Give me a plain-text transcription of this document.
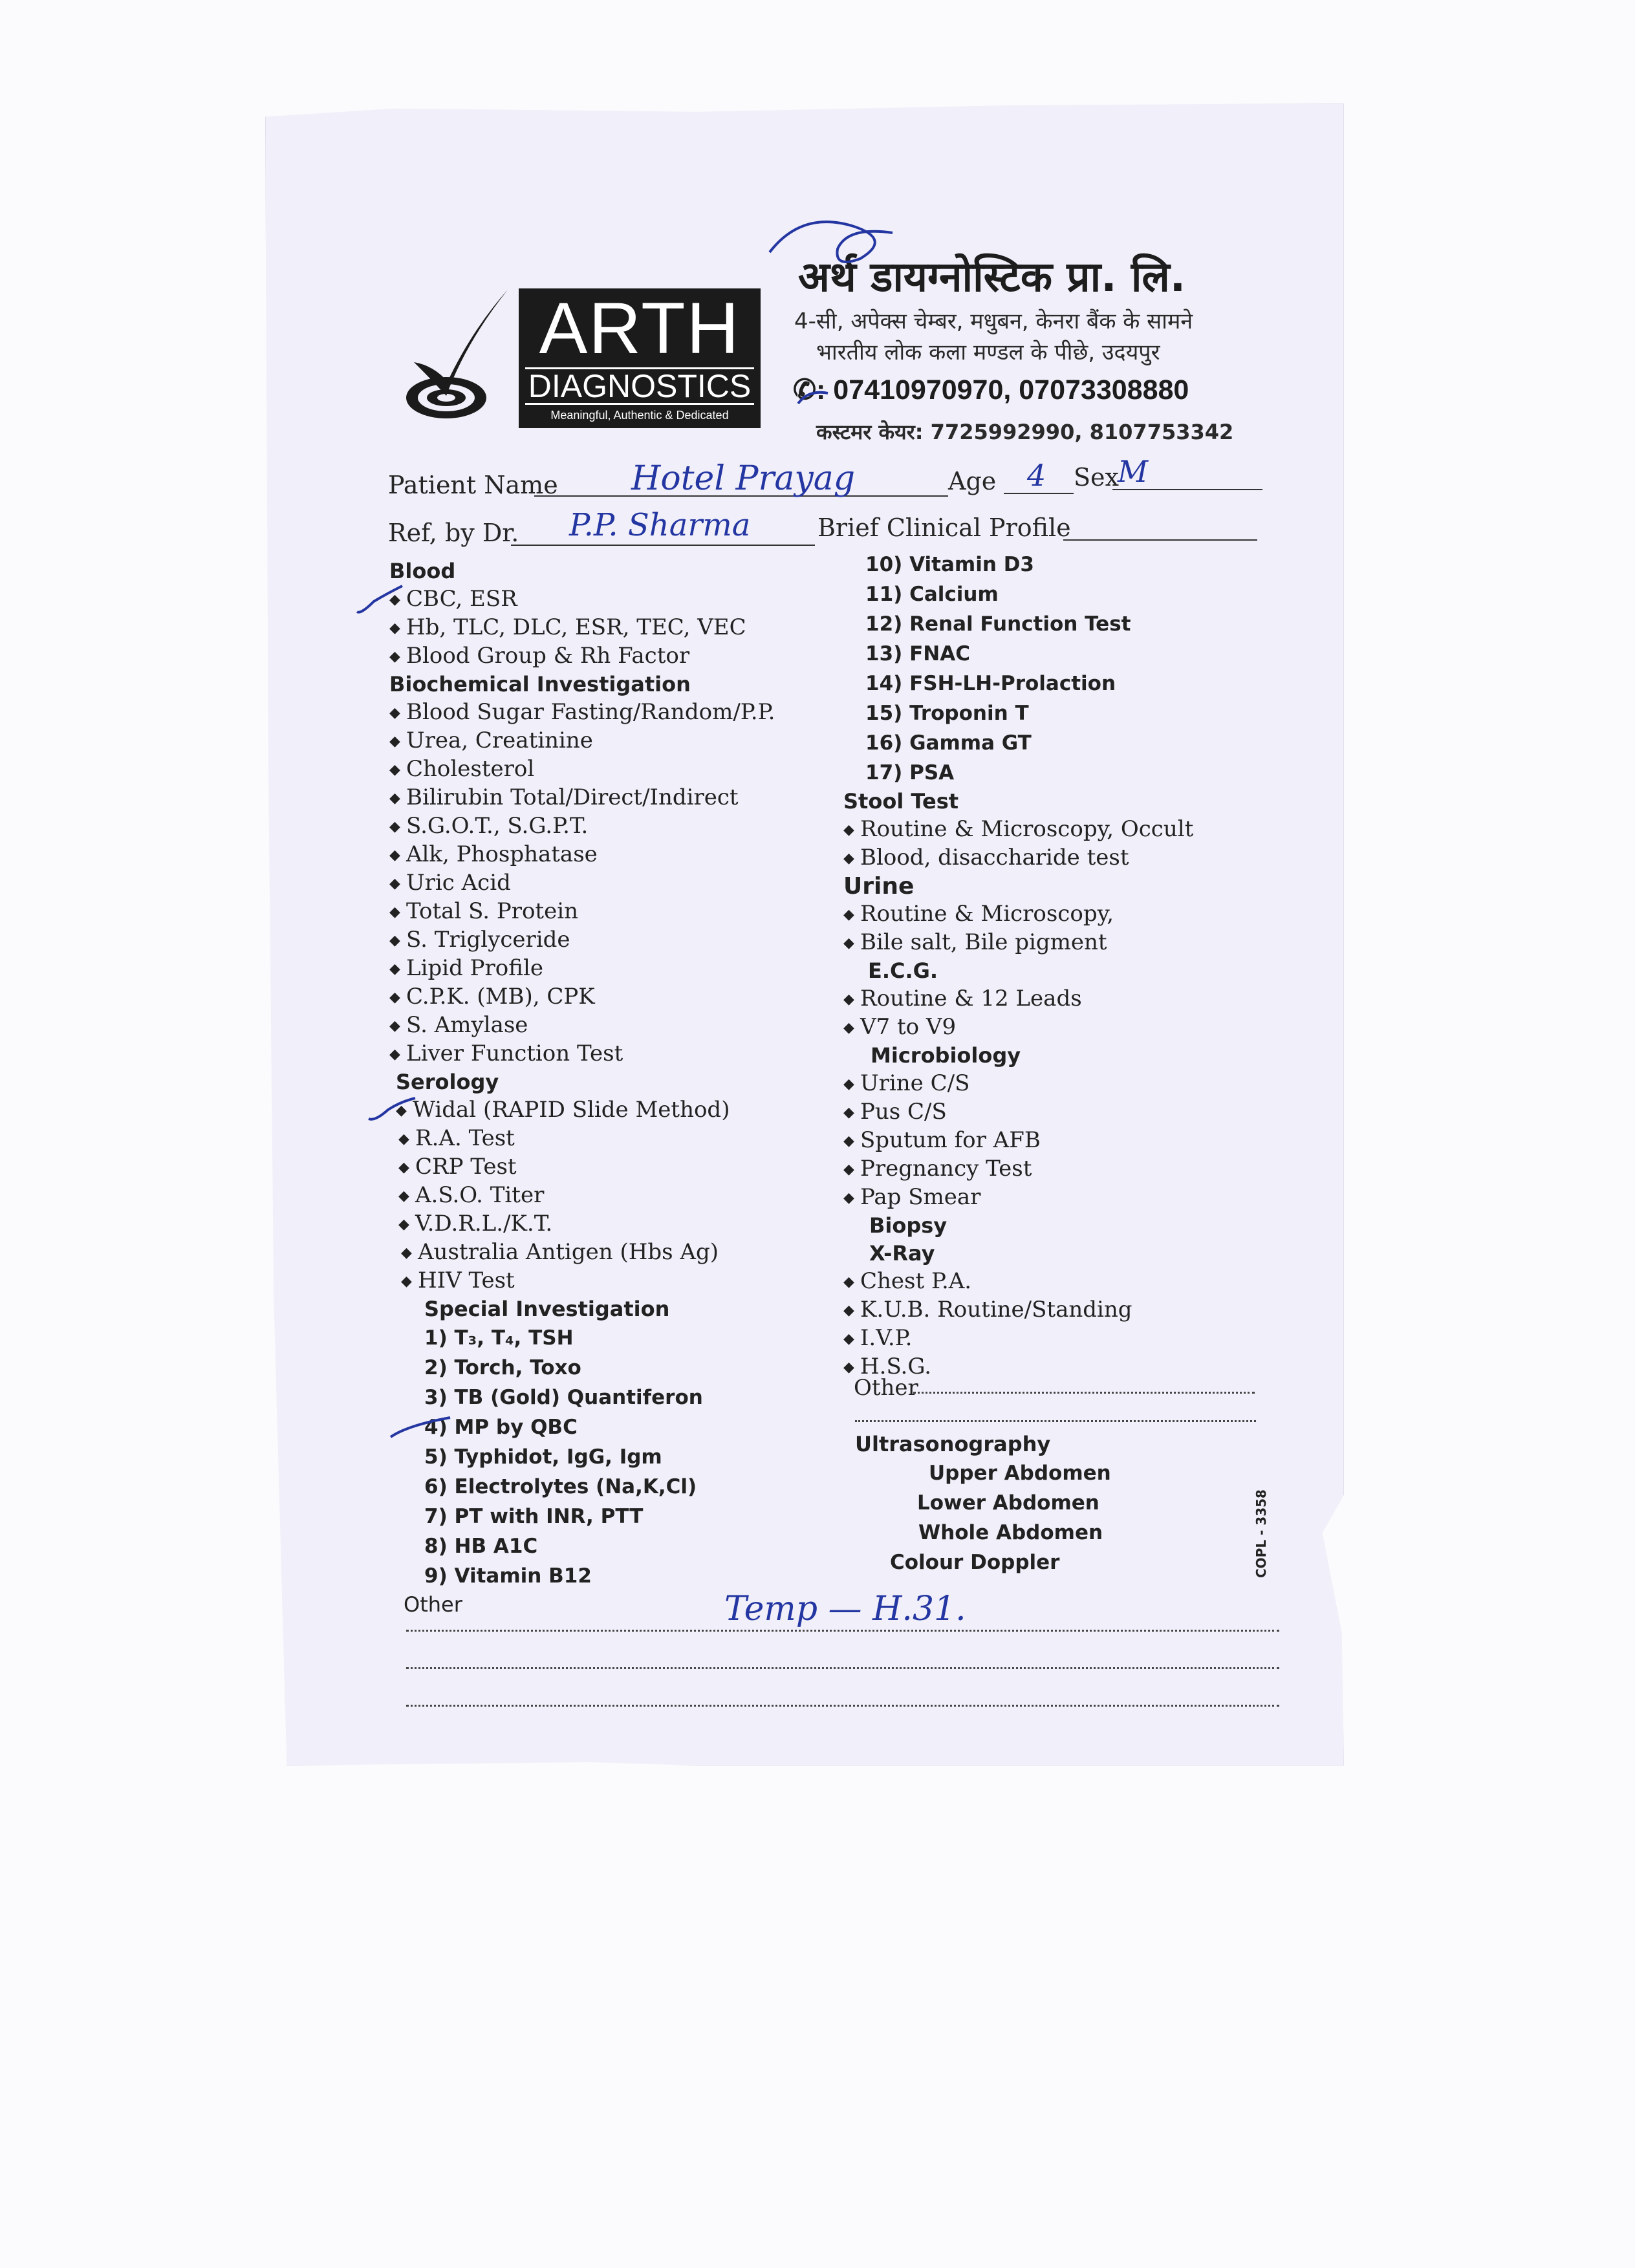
ARTH
DIAGNOSTICS
Meaningful, Authentic & Dedicated
अर्थ डायग्नोस्टिक प्रा. लि.
4-सी, अपेक्स चेम्बर, मधुबन, केनरा बैंक के सामने
भारतीय लोक कला मण्डल के पीछे, उदयपुर
✆: 07410970970, 07073308880
कस्टमर केयर: 7725992990, 8107753342
Patient Name Hotel Prayag	Age 4 Sex
M
Ref, by Dr. P.P. Sharma	Brief Clinical Profile
Blood
◆ CBC, ESR
◆ Hb, TLC, DLC, ESR, TEC, VEC
◆ Blood Group & Rh Factor
Biochemical Investigation
◆ Blood Sugar Fasting/Random/P.P.
◆ Urea, Creatinine
◆ Cholesterol
◆ Bilirubin Total/Direct/Indirect
◆ S.G.O.T., S.G.P.T.
◆ Alk, Phosphatase
◆ Uric Acid
◆ Total S. Protein
◆ S. Triglyceride
◆ Lipid Profile
◆ C.P.K. (MB), CPK
◆ S. Amylase
◆ Liver Function Test
Serology
◆ Widal (RAPID Slide Method)
◆ R.A. Test
◆ CRP Test
◆ A.S.O. Titer
◆ V.D.R.L./K.T.
◆ Australia Antigen (Hbs Ag)
◆ HIV Test
Special Investigation
1) T₃, T₄, TSH
2) Torch, Toxo
3) TB (Gold) Quantiferon
4) MP by QBC
5) Typhidot, IgG, Igm
6) Electrolytes (Na,K,Cl)
7) PT with INR, PTT
8) HB A1C
9) Vitamin B12
Other	Temp — H.31.
10) Vitamin D3
11) Calcium
12) Renal Function Test
13) FNAC
14) FSH-LH-Prolaction
15) Troponin T
16) Gamma GT
17) PSA
Stool Test
◆ Routine & Microscopy, Occult
◆ Blood, disaccharide test
Urine
◆ Routine & Microscopy,
◆ Bile salt, Bile pigment
E.C.G.
◆ Routine & 12 Leads
◆ V7 to V9
Microbiology
◆ Urine C/S
◆ Pus C/S
◆ Sputum for AFB
◆ Pregnancy Test
◆ Pap Smear
Biopsy
X-Ray
◆ Chest P.A.
◆ K.U.B. Routine/Standing
◆ I.V.P.
◆ H.S.G.
Other
Ultrasonography
Upper Abdomen
Lower Abdomen
Whole Abdomen
Colour Doppler	COPL - 3358
